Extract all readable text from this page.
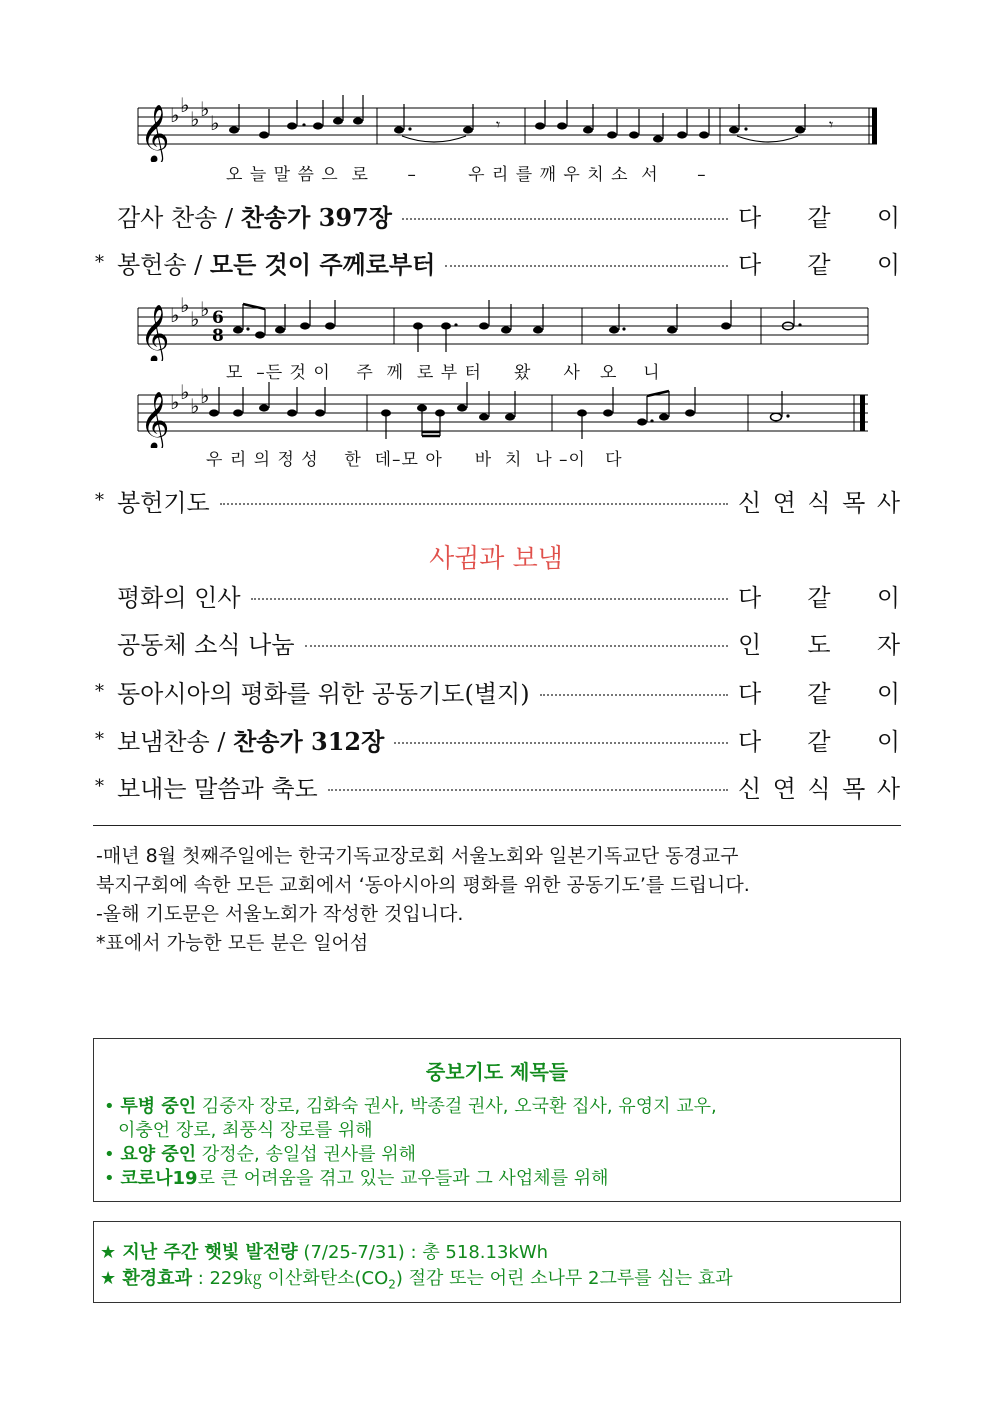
𝄞 ♭ ♭
♭ ♭
♭	𝄾	𝄾
오 늘 말 씀 으  로      –        우 리 를 깨 우 치 소  서      –
감사 찬송 / 찬송가 397장	다 같 이
* 봉헌송 / 모든 것이 주께로부터	다 같 이
𝄞 ♭ ♭
♭ ♭ 6
8
모  –든 것 이    주  께  로 부 터     왔     사   오    니
𝄞 ♭ ♭
♭ ♭
우 리 의 정 성    한  데–모 아     바  치  나 –이   다
* 봉헌기도	신 연 식 목 사
사귐과 보냄
평화의 인사	다 같 이
공동체 소식 나눔	인 도 자
* 동아시아의 평화를 위한 공동기도(별지)	다 같 이
* 보냄찬송 / 찬송가 312장	다 같 이
* 보내는 말씀과 축도	신 연 식 목 사
-매년 8월 첫째주일에는 한국기독교장로회 서울노회와 일본기독교단 동경교구
북지구회에 속한 모든 교회에서 ‘동아시아의 평화를 위한 공동기도’를 드립니다.
-올해 기도문은 서울노회가 작성한 것입니다.
*표에서 가능한 모든 분은 일어섬
중보기도 제목들
• 투병 중인 김중자 장로, 김화숙 권사, 박종걸 권사, 오국환 집사, 유영지 교우,
이충언 장로, 최풍식 장로를 위해
• 요양 중인 강정순, 송일섭 권사를 위해
• 코로나19로 큰 어려움을 겪고 있는 교우들과 그 사업체를 위해
★ 지난 주간 햇빛 발전량 (7/25-7/31) : 총 518.13kWh
★ 환경효과 : 229㎏ 이산화탄소$(CO_2)$ 절감 또는 어린 소나무 2그루를 심는 효과
